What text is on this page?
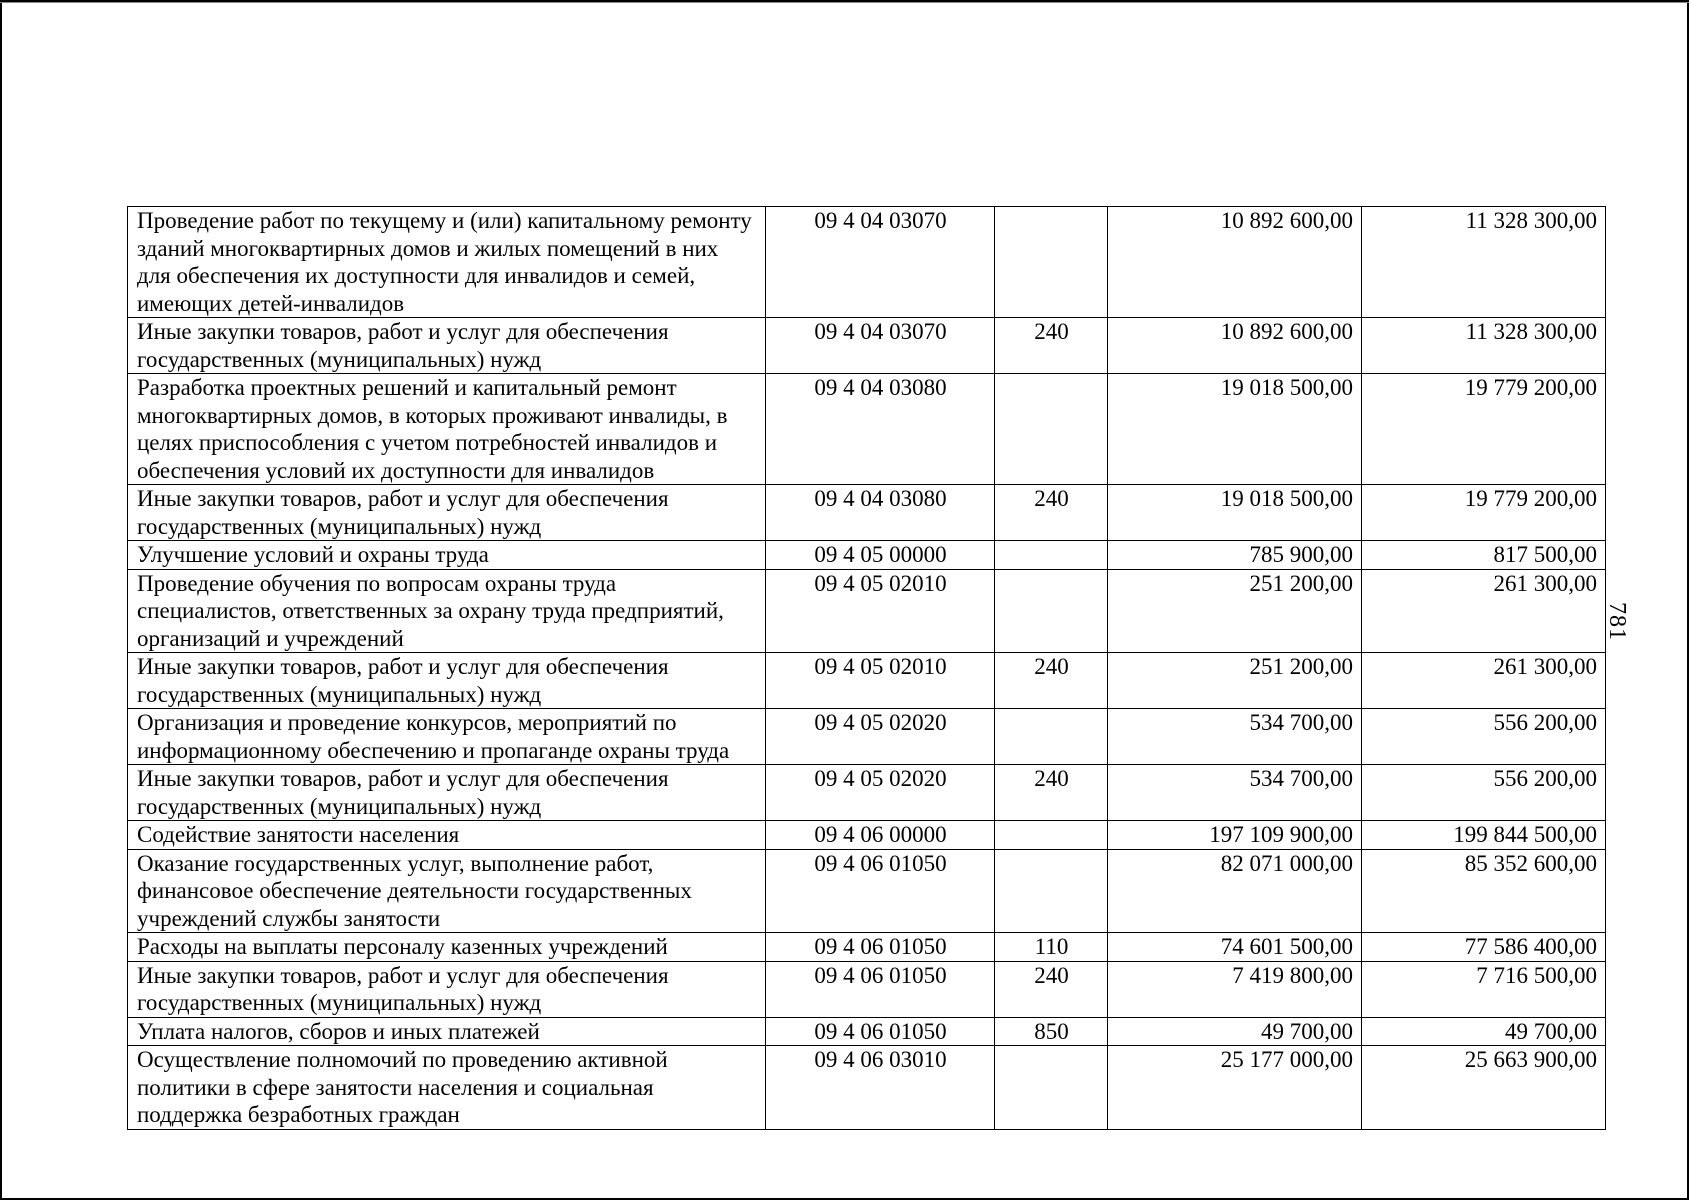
Проведение работ по текущему и (или) капитальному ремонту зданий многоквартирных домов и жилых помещений в них для обеспечения их доступности для инвалидов и семей, имеющих детей-инвалидов	09 4 04 03070		10 892 600,00	11 328 300,00
Иные закупки товаров, работ и услуг для обеспечения государственных (муниципальных) нужд	09 4 04 03070	240	10 892 600,00	11 328 300,00
Разработка проектных решений и капитальный ремонт многоквартирных домов, в которых проживают инвалиды, в целях приспособления с учетом потребностей инвалидов и обеспечения условий их доступности для инвалидов	09 4 04 03080		19 018 500,00	19 779 200,00
Иные закупки товаров, работ и услуг для обеспечения государственных (муниципальных) нужд	09 4 04 03080	240	19 018 500,00	19 779 200,00
Улучшение условий и охраны труда	09 4 05 00000		785 900,00	817 500,00
Проведение обучения по вопросам охраны труда специалистов, ответственных за охрану труда предприятий, организаций и учреждений	09 4 05 02010		251 200,00	261 300,00
Иные закупки товаров, работ и услуг для обеспечения государственных (муниципальных) нужд	09 4 05 02010	240	251 200,00	261 300,00
Организация и проведение конкурсов, мероприятий по информационному обеспечению и пропаганде охраны труда	09 4 05 02020		534 700,00	556 200,00
Иные закупки товаров, работ и услуг для обеспечения государственных (муниципальных) нужд	09 4 05 02020	240	534 700,00	556 200,00
Содействие занятости населения	09 4 06 00000		197 109 900,00	199 844 500,00
Оказание государственных услуг, выполнение работ, финансовое обеспечение деятельности государственных учреждений службы занятости	09 4 06 01050		82 071 000,00	85 352 600,00
Расходы на выплаты персоналу казенных учреждений	09 4 06 01050	110	74 601 500,00	77 586 400,00
Иные закупки товаров, работ и услуг для обеспечения государственных (муниципальных) нужд	09 4 06 01050	240	7 419 800,00	7 716 500,00
Уплата налогов, сборов и иных платежей	09 4 06 01050	850	49 700,00	49 700,00
Осуществление полномочий по проведению активной политики в сфере занятости населения и социальная поддержка безработных граждан	09 4 06 03010		25 177 000,00	25 663 900,00
781
